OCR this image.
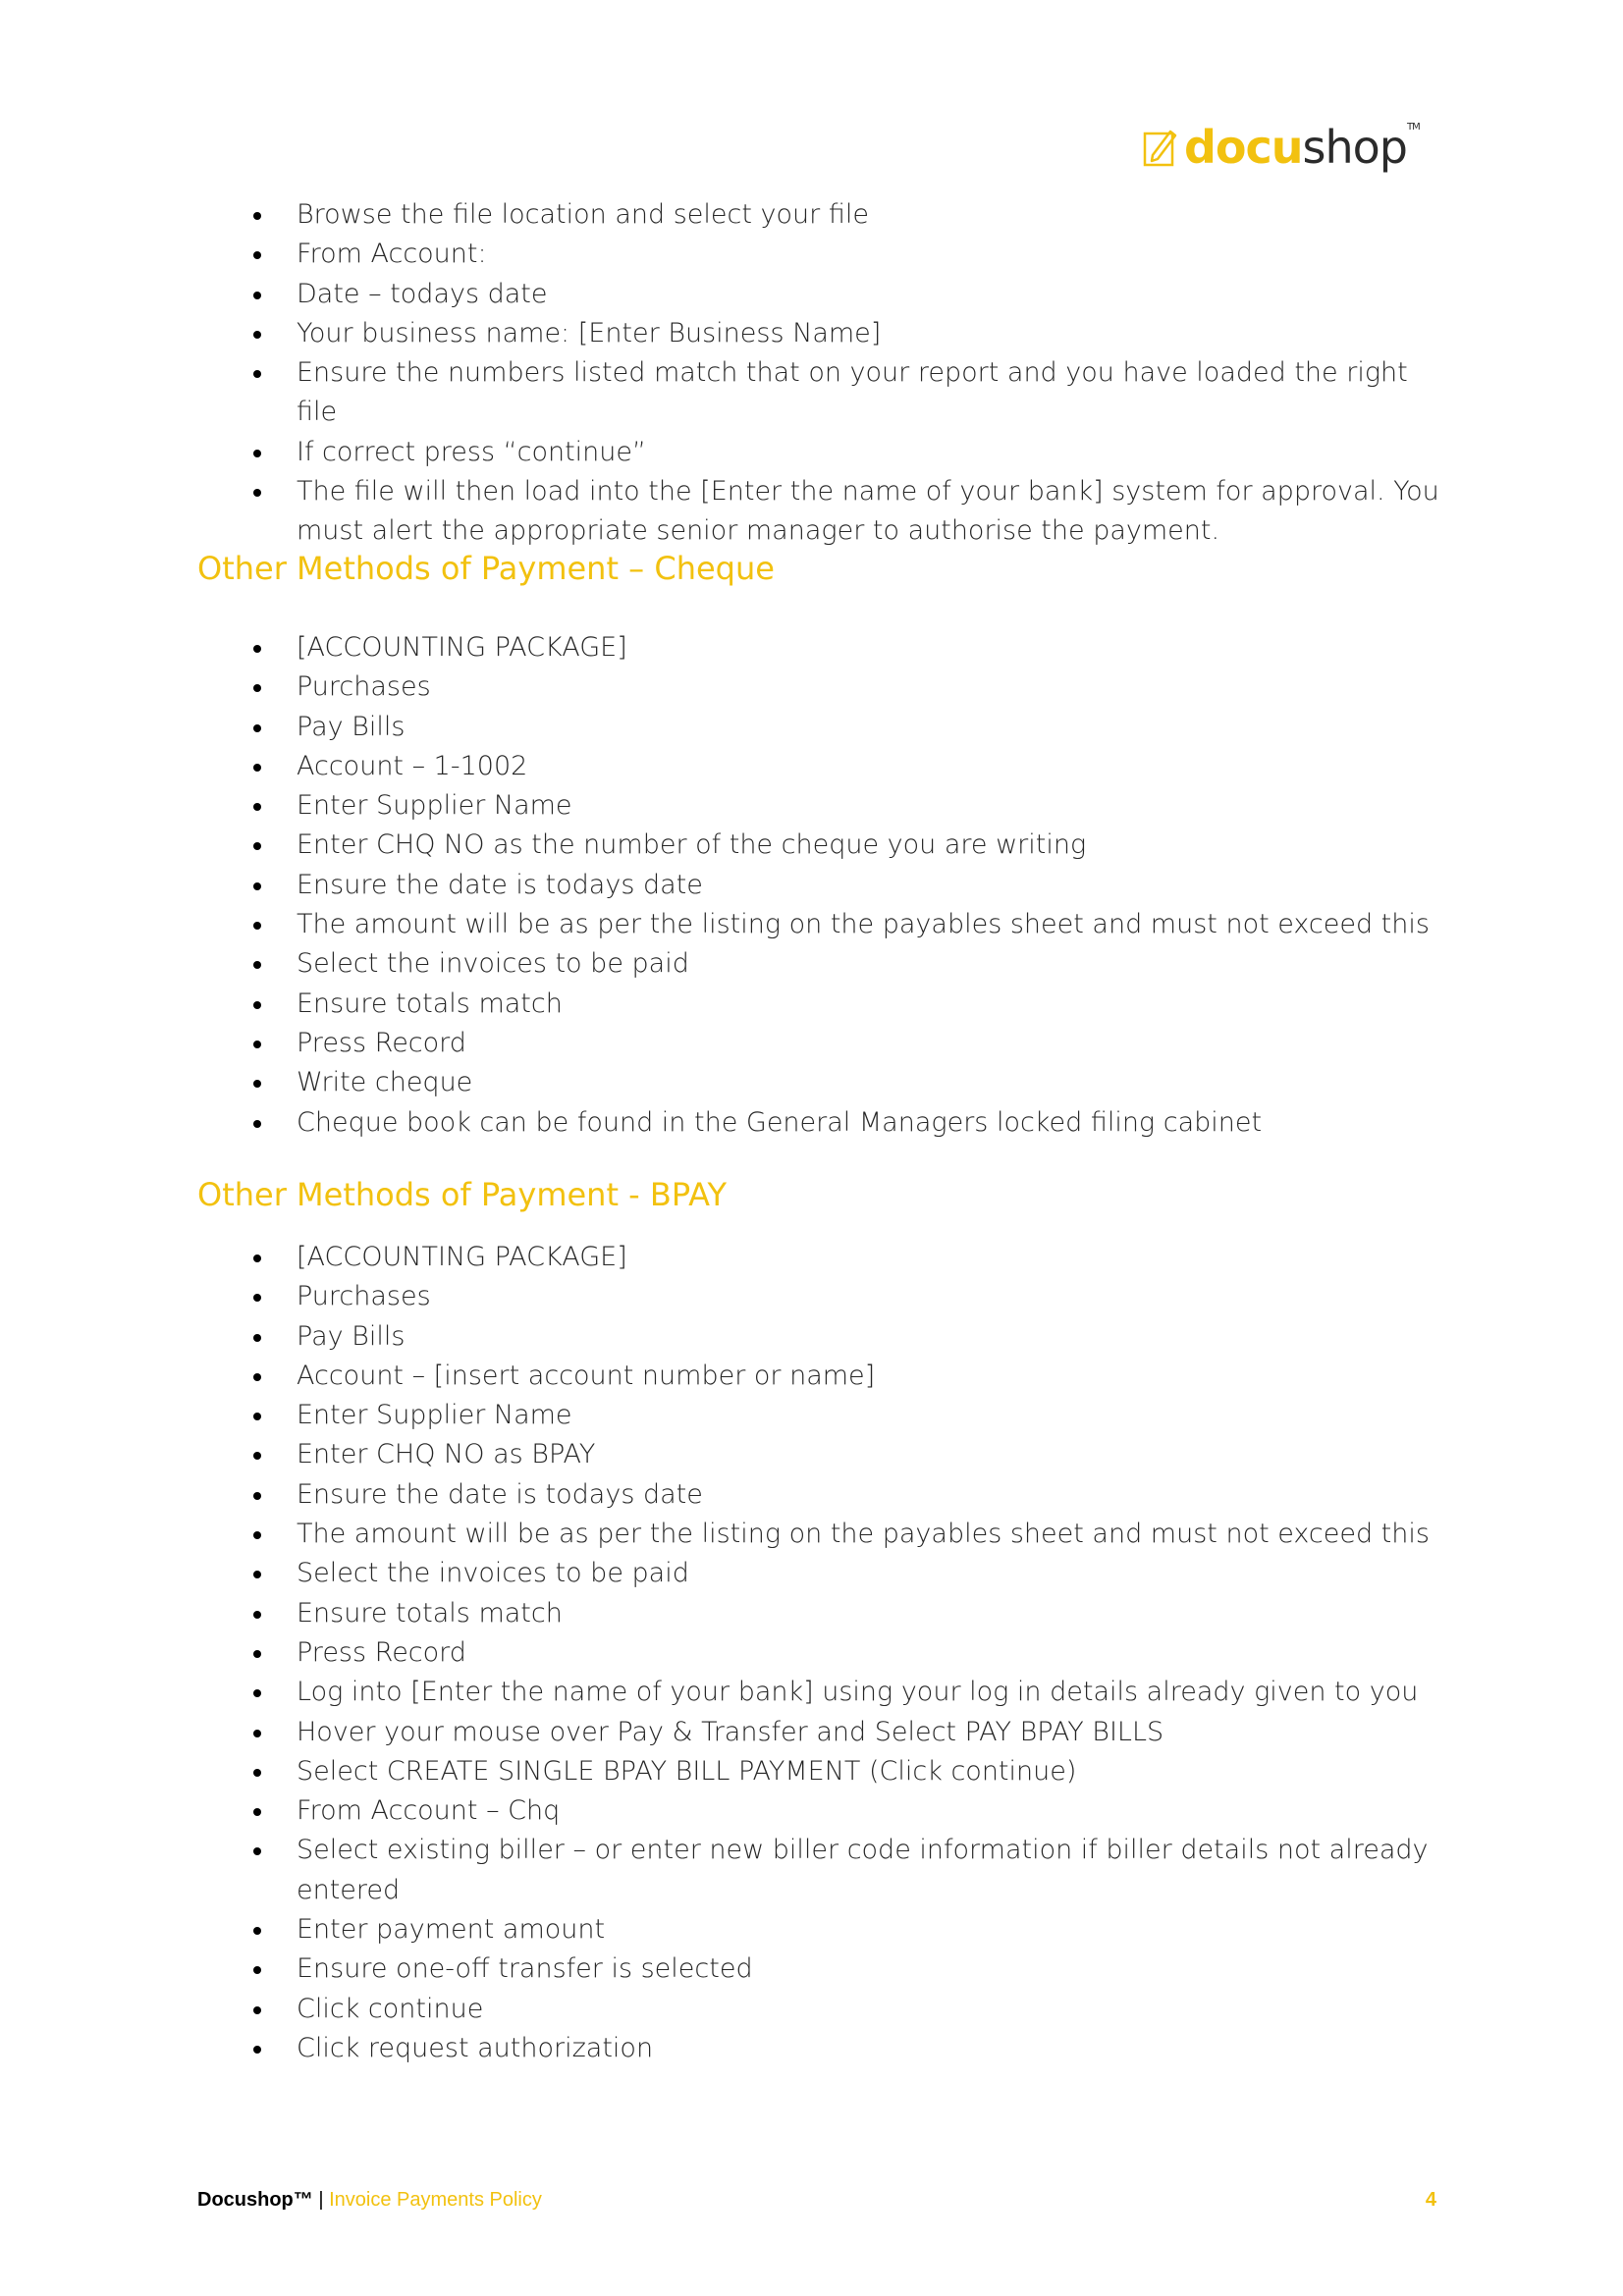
docushop™
Browse the file location and select your file
From Account:
Date – todays date
Your business name: [Enter Business Name]
Ensure the numbers listed match that on your report and you have loaded the right file
If correct press “continue”
The file will then load into the [Enter the name of your bank] system for approval. You must alert the appropriate senior manager to authorise the payment.
Other Methods of Payment – Cheque
[ACCOUNTING PACKAGE]
Purchases
Pay Bills
Account – 1-1002
Enter Supplier Name
Enter CHQ NO as the number of the cheque you are writing
Ensure the date is todays date
The amount will be as per the listing on the payables sheet and must not exceed this
Select the invoices to be paid
Ensure totals match
Press Record
Write cheque
Cheque book can be found in the General Managers locked filing cabinet
Other Methods of Payment - BPAY
[ACCOUNTING PACKAGE]
Purchases
Pay Bills
Account – [insert account number or name]
Enter Supplier Name
Enter CHQ NO as BPAY
Ensure the date is todays date
The amount will be as per the listing on the payables sheet and must not exceed this
Select the invoices to be paid
Ensure totals match
Press Record
Log into [Enter the name of your bank] using your log in details already given to you
Hover your mouse over Pay & Transfer and Select PAY BPAY BILLS
Select CREATE SINGLE BPAY BILL PAYMENT (Click continue)
From Account – Chq
Select existing biller – or enter new biller code information if biller details not already entered
Enter payment amount
Ensure one-off transfer is selected
Click continue
Click request authorization
Docushop™ | Invoice Payments Policy	4
